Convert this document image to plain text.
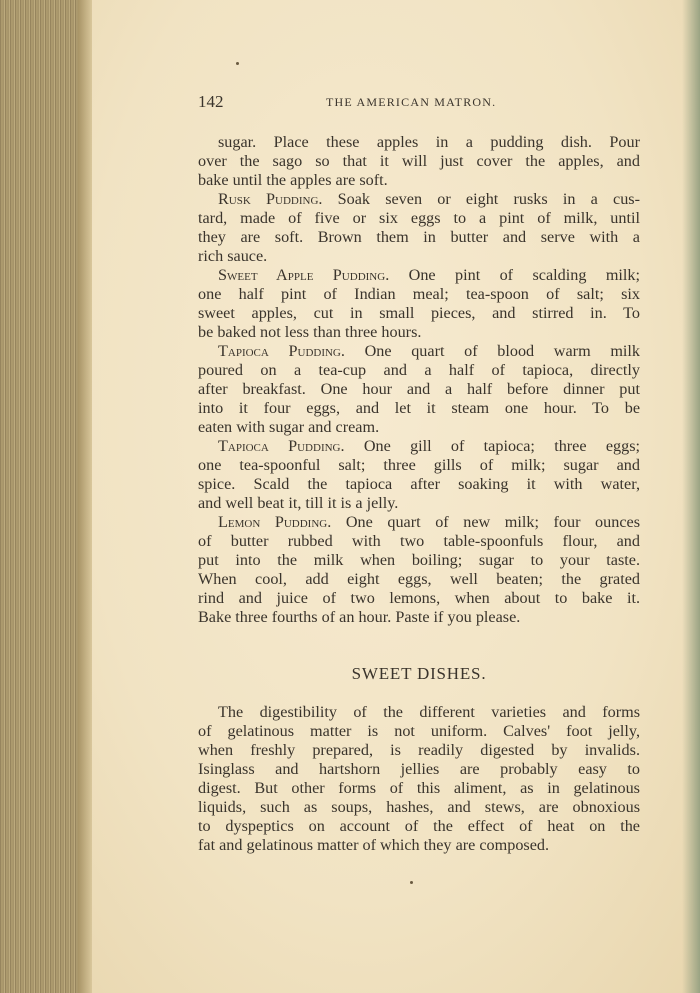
142	THE AMERICAN MATRON.
sugar. Place these apples in a pudding dish. Pour
over the sago so that it will just cover the apples, and
bake until the apples are soft.
Rusk Pudding. Soak seven or eight rusks in a cus-
tard, made of five or six eggs to a pint of milk, until
they are soft. Brown them in butter and serve with a
rich sauce.
Sweet Apple Pudding. One pint of scalding milk;
one half pint of Indian meal; tea-spoon of salt; six
sweet apples, cut in small pieces, and stirred in. To
be baked not less than three hours.
Tapioca Pudding. One quart of blood warm milk
poured on a tea-cup and a half of tapioca, directly
after breakfast. One hour and a half before dinner put
into it four eggs, and let it steam one hour. To be
eaten with sugar and cream.
Tapioca Pudding. One gill of tapioca; three eggs;
one tea-spoonful salt; three gills of milk; sugar and
spice. Scald the tapioca after soaking it with water,
and well beat it, till it is a jelly.
Lemon Pudding. One quart of new milk; four ounces
of butter rubbed with two table-spoonfuls flour, and
put into the milk when boiling; sugar to your taste.
When cool, add eight eggs, well beaten; the grated
rind and juice of two lemons, when about to bake it.
Bake three fourths of an hour. Paste if you please.
SWEET DISHES.
The digestibility of the different varieties and forms
of gelatinous matter is not uniform. Calves' foot jelly,
when freshly prepared, is readily digested by invalids.
Isinglass and hartshorn jellies are probably easy to
digest. But other forms of this aliment, as in gelatinous
liquids, such as soups, hashes, and stews, are obnoxious
to dyspeptics on account of the effect of heat on the
fat and gelatinous matter of which they are composed.
